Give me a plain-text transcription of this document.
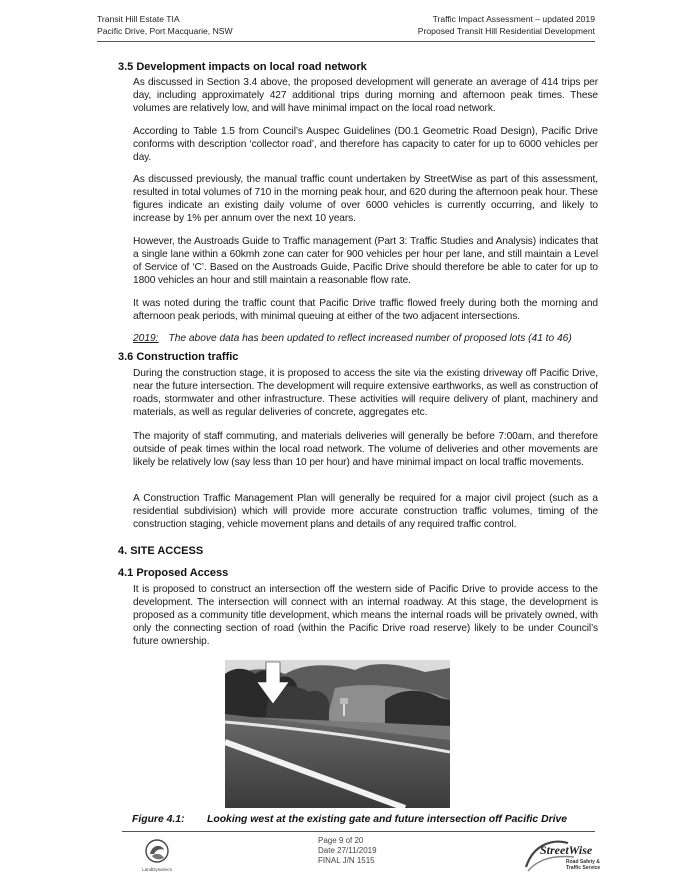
Transit Hill Estate TIA
Pacific Drive, Port Macquarie, NSW
Traffic Impact Assessment – updated 2019
Proposed Transit Hill Residential Development
3.5 Development impacts on local road network

As discussed in Section 3.4 above, the proposed development will generate an average of 414 trips per day, including approximately 427 additional trips during morning and afternoon peak times. These volumes are relatively low, and will have minimal impact on the local road network.

According to Table 1.5 from Council’s Auspec Guidelines (D0.1 Geometric Road Design), Pacific Drive conforms with description ‘collector road’, and therefore has capacity to cater for up to 6000 vehicles per day.

As discussed previously, the manual traffic count undertaken by StreetWise as part of this assessment, resulted in total volumes of 710 in the morning peak hour, and 620 during the afternoon peak hour. These figures indicate an existing daily volume of over 6000 vehicles is currently occurring, and likely to increase by 1% per annum over the next 10 years.

However, the Austroads Guide to Traffic management (Part 3: Traffic Studies and Analysis) indicates that a single lane within a 60kmh zone can cater for 900 vehicles per hour per lane, and still maintain a Level of Service of ‘C’. Based on the Austroads Guide, Pacific Drive should therefore be able to cater for up to 1800 vehicles an hour and still maintain a reasonable flow rate.

It was noted during the traffic count that Pacific Drive traffic flowed freely during both the morning and afternoon peak periods, with minimal queuing at either of the two adjacent intersections.

2019: The above data has been updated to reflect increased number of proposed lots (41 to 46)

3.6 Construction traffic

During the construction stage, it is proposed to access the site via the existing driveway off Pacific Drive, near the future intersection. The development will require extensive earthworks, as well as construction of roads, stormwater and other infrastructure. These activities will require delivery of plant, machinery and materials, as well as regular deliveries of concrete, aggregates etc.

The majority of staff commuting, and materials deliveries will generally be before 7:00am, and therefore outside of peak times within the local road network. The volume of deliveries and other movements are likely be relatively low (say less than 10 per hour) and have minimal impact on local traffic movements.

A Construction Traffic Management Plan will generally be required for a major civil project (such as a residential subdivision) which will provide more accurate construction traffic volumes, timing of the construction staging, vehicle movement plans and details of any required traffic control.

4. SITE ACCESS
4.1 Proposed Access

It is proposed to construct an intersection off the western side of Pacific Drive to provide access to the development. The intersection will connect with an internal roadway. At this stage, the development is proposed as a community title development, which means the internal roads will be privately owned, with only the connecting section of road (within the Pacific Drive road reserve) likely to be under Council’s future ownership.

Figure 4.1: Looking west at the existing gate and future intersection off Pacific Drive
LandDynamics
Page 9 of 20
Date 27/11/2019
FINAL J/N 1515
StreetWise
Road Safety &
Traffic Services
